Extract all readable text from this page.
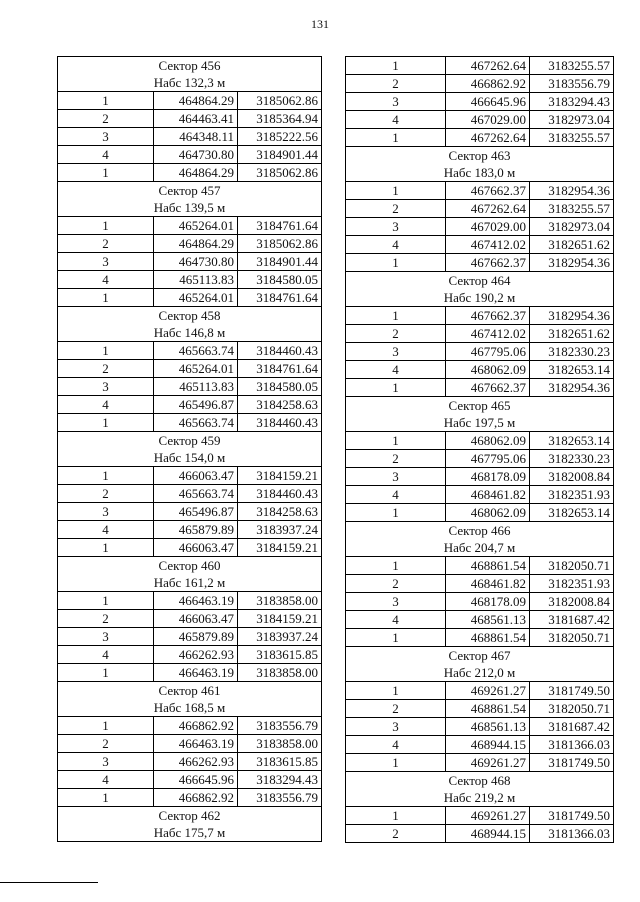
131
Сектор 456		
Набс 132,3 м		
1	464864.29	3185062.86
2	464463.41	3185364.94
3	464348.11	3185222.56
4	464730.80	3184901.44
1	464864.29	3185062.86
Сектор 457		
Набс 139,5 м		
1	465264.01	3184761.64
2	464864.29	3185062.86
3	464730.80	3184901.44
4	465113.83	3184580.05
1	465264.01	3184761.64
Сектор 458		
Набс 146,8 м		
1	465663.74	3184460.43
2	465264.01	3184761.64
3	465113.83	3184580.05
4	465496.87	3184258.63
1	465663.74	3184460.43
Сектор 459		
Набс 154,0 м		
1	466063.47	3184159.21
2	465663.74	3184460.43
3	465496.87	3184258.63
4	465879.89	3183937.24
1	466063.47	3184159.21
Сектор 460		
Набс 161,2 м		
1	466463.19	3183858.00
2	466063.47	3184159.21
3	465879.89	3183937.24
4	466262.93	3183615.85
1	466463.19	3183858.00
Сектор 461		
Набс 168,5 м		
1	466862.92	3183556.79
2	466463.19	3183858.00
3	466262.93	3183615.85
4	466645.96	3183294.43
1	466862.92	3183556.79
Сектор 462		
Набс 175,7 м		
1	467262.64	3183255.57
2	466862.92	3183556.79
3	466645.96	3183294.43
4	467029.00	3182973.04
1	467262.64	3183255.57
Сектор 463		
Набс 183,0 м		
1	467662.37	3182954.36
2	467262.64	3183255.57
3	467029.00	3182973.04
4	467412.02	3182651.62
1	467662.37	3182954.36
Сектор 464		
Набс 190,2 м		
1	467662.37	3182954.36
2	467412.02	3182651.62
3	467795.06	3182330.23
4	468062.09	3182653.14
1	467662.37	3182954.36
Сектор 465		
Набс 197,5 м		
1	468062.09	3182653.14
2	467795.06	3182330.23
3	468178.09	3182008.84
4	468461.82	3182351.93
1	468062.09	3182653.14
Сектор 466		
Набс 204,7 м		
1	468861.54	3182050.71
2	468461.82	3182351.93
3	468178.09	3182008.84
4	468561.13	3181687.42
1	468861.54	3182050.71
Сектор 467		
Набс 212,0 м		
1	469261.27	3181749.50
2	468861.54	3182050.71
3	468561.13	3181687.42
4	468944.15	3181366.03
1	469261.27	3181749.50
Сектор 468		
Набс 219,2 м		
1	469261.27	3181749.50
2	468944.15	3181366.03
